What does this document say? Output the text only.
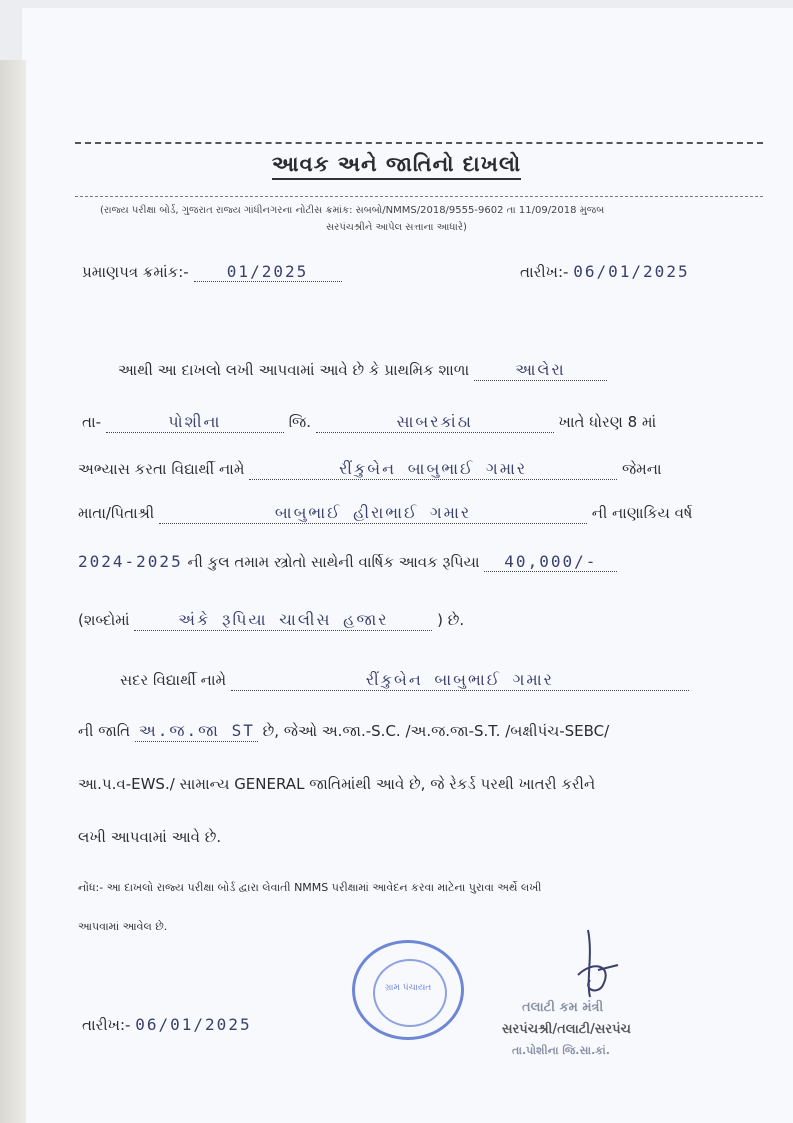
આવક અને જાતિનો દાખલો
(રાજ્ય પરીક્ષા બોર્ડ, ગુજરાત રાજ્ય ગાંધીનગરના નોટીસ ક્રમાંક: સબબો/NMMS/2018/9555-9602 તા 11/09/2018 મુજબ
સરપંચશ્રીને આપેલ સત્તાના આધારે)
પ્રમાણપત્ર ક્રમાંક:- 01/2025	તારીખ:- 06/01/2025
આથી આ દાખલો લખી આપવામાં આવે છે કે પ્રાથમિક શાળા	આલેરા
તા-	પોશીના	જિ.	સાબરકાંઠા	ખાતે ધોરણ 8 માં
અભ્યાસ કરતા વિદ્યાર્થી નામે	રીંકુબેન બાબુભાઈ ગમાર	જેમના
માતા/પિતાશ્રી	બાબુભાઈ હીરાભાઈ ગમાર	ની નાણાકિય વર્ષ
2024-2025 ની કુલ તમામ સ્ત્રોતો સાથેની વાર્ષિક આવક રૂપિયા 40,000/-
(શબ્દોમાં	અંકે રૂપિયા ચાલીસ હજાર	) છે.
સદર વિદ્યાર્થી નામે	રીંકુબેન બાબુભાઈ ગમાર
ની જાતિ અ.જ.જા ST છે, જેઓ અ.જા.-S.C. /અ.જ.જા-S.T. /બક્ષીપંચ-SEBC/
આ.પ.વ-EWS./ સામાન્ય GENERAL જાતિમાંથી આવે છે, જે રેકર્ડ પરથી ખાતરી કરીને
લખી આપવામાં આવે છે.
નોંધ:- આ દાખલો રાજ્ય પરીક્ષા બોર્ડ દ્વારા લેવાતી NMMS પરીક્ષામાં આવેદન કરવા માટેના પુરાવા અર્થે લખી
આપવામાં આવેલ છે.
તારીખ:- 06/01/2025
ગ્રામ પંચાયત
તલાટી કમ મંત્રી
સરપંચશ્રી/તલાટી/સરપંચ
તા.પોશીના જિ.સા.કાં.
